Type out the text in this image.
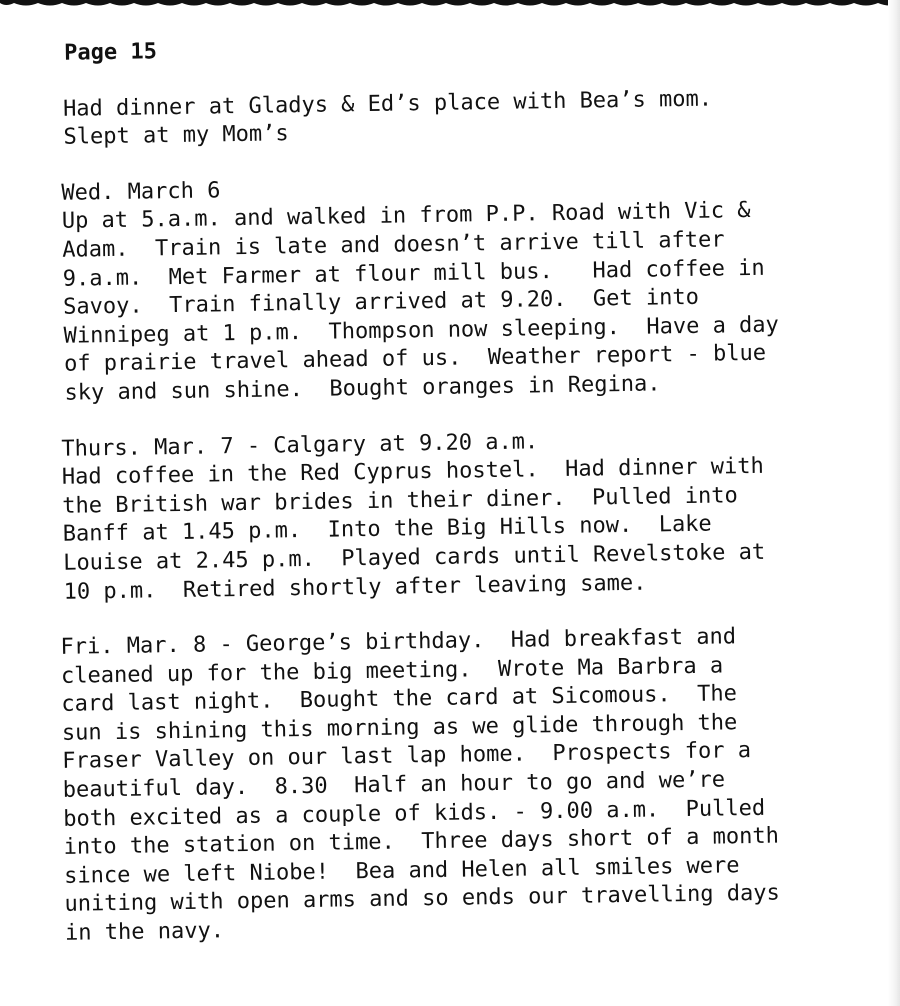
Page 15

Had dinner at Gladys & Ed’s place with Bea’s mom.

Slept at my Mom’s

Wed. March 6

Up at 5.a.m. and walked in from P.P. Road with Vic &

Adam.  Train is late and doesn’t arrive till after

9.a.m.  Met Farmer at flour mill bus.   Had coffee in

Savoy.  Train finally arrived at 9.20.  Get into

Winnipeg at 1 p.m.  Thompson now sleeping.  Have a day

of prairie travel ahead of us.  Weather report - blue

sky and sun shine.  Bought oranges in Regina.

Thurs. Mar. 7 - Calgary at 9.20 a.m.

Had coffee in the Red Cyprus hostel.  Had dinner with

the British war brides in their diner.  Pulled into

Banff at 1.45 p.m.  Into the Big Hills now.  Lake

Louise at 2.45 p.m.  Played cards until Revelstoke at

10 p.m.  Retired shortly after leaving same.

Fri. Mar. 8 - George’s birthday.  Had breakfast and

cleaned up for the big meeting.  Wrote Ma Barbra a

card last night.  Bought the card at Sicomous.  The

sun is shining this morning as we glide through the

Fraser Valley on our last lap home.  Prospects for a

beautiful day.  8.30  Half an hour to go and we’re

both excited as a couple of kids. - 9.00 a.m.  Pulled

into the station on time.  Three days short of a month

since we left Niobe!  Bea and Helen all smiles were

uniting with open arms and so ends our travelling days

in the navy.
